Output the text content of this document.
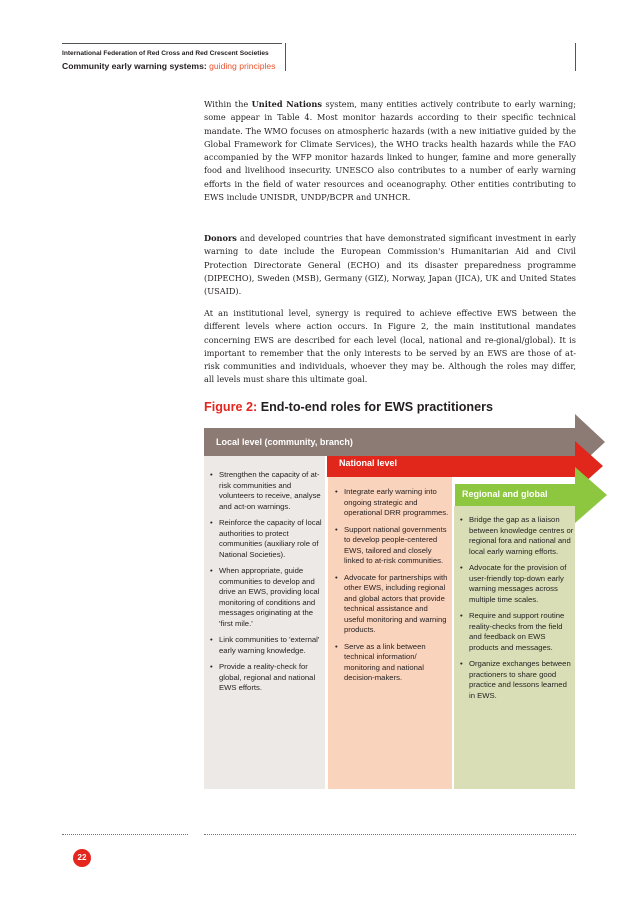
International Federation of Red Cross and Red Crescent Societies
Community early warning systems: guiding principles
Within the United Nations system, many entities actively contribute to early warning; some appear in Table 4. Most monitor hazards according to their specific technical mandate. The WMO focuses on atmospheric hazards (with a new initiative guided by the Global Framework for Climate Services), the WHO tracks health hazards while the FAO accompanied by the WFP monitor hazards linked to hunger, famine and more generally food and livelihood insecurity. UNESCO also contributes to a number of early warning efforts in the field of water resources and oceanography. Other entities contributing to EWS include UNISDR, UNDP/BCPR and UNHCR.
Donors and developed countries that have demonstrated significant investment in early warning to date include the European Commission's Humanitarian Aid and Civil Protection Directorate General (ECHO) and its disaster preparedness programme (DIPECHO), Sweden (MSB), Germany (GIZ), Norway, Japan (JICA), UK and United States (USAID).
At an institutional level, synergy is required to achieve effective EWS between the different levels where action occurs. In Figure 2, the main institutional mandates concerning EWS are described for each level (local, national and re-gional/global). It is important to remember that the only interests to be served by an EWS are those of at-risk communities and individuals, whoever they may be. Although the roles may differ, all levels must share this ultimate goal.
Figure 2: End-to-end roles for EWS practitioners
Local level (community, branch)
National level
Regional and global
• Strengthen the capacity of at-risk communities and volunteers to receive, analyse and act-on warnings.
• Reinforce the capacity of local authorities to protect communities (auxiliary role of National Societies).
• When appropriate, guide communities to develop and drive an EWS, providing local monitoring of conditions and messages originating at the 'first mile.'
• Link communities to 'external' early warning knowledge.
• Provide a reality-check for global, regional and national EWS efforts.
• Integrate early warning into ongoing strategic and operational DRR programmes.
• Support national governments to develop people-centered EWS, tailored and closely linked to at-risk communities.
• Advocate for partnerships with other EWS, including regional and global actors that provide technical assistance and useful monitoring and warning products.
• Serve as a link between technical information/ monitoring and national decision-makers.
• Bridge the gap as a liaison between knowledge centres or regional fora and national and local early warning efforts.
• Advocate for the provision of user-friendly top-down early warning messages across multiple time scales.
• Require and support routine reality-checks from the field and feedback on EWS products and messages.
• Organize exchanges between practioners to share good practice and lessons learned in EWS.
22
